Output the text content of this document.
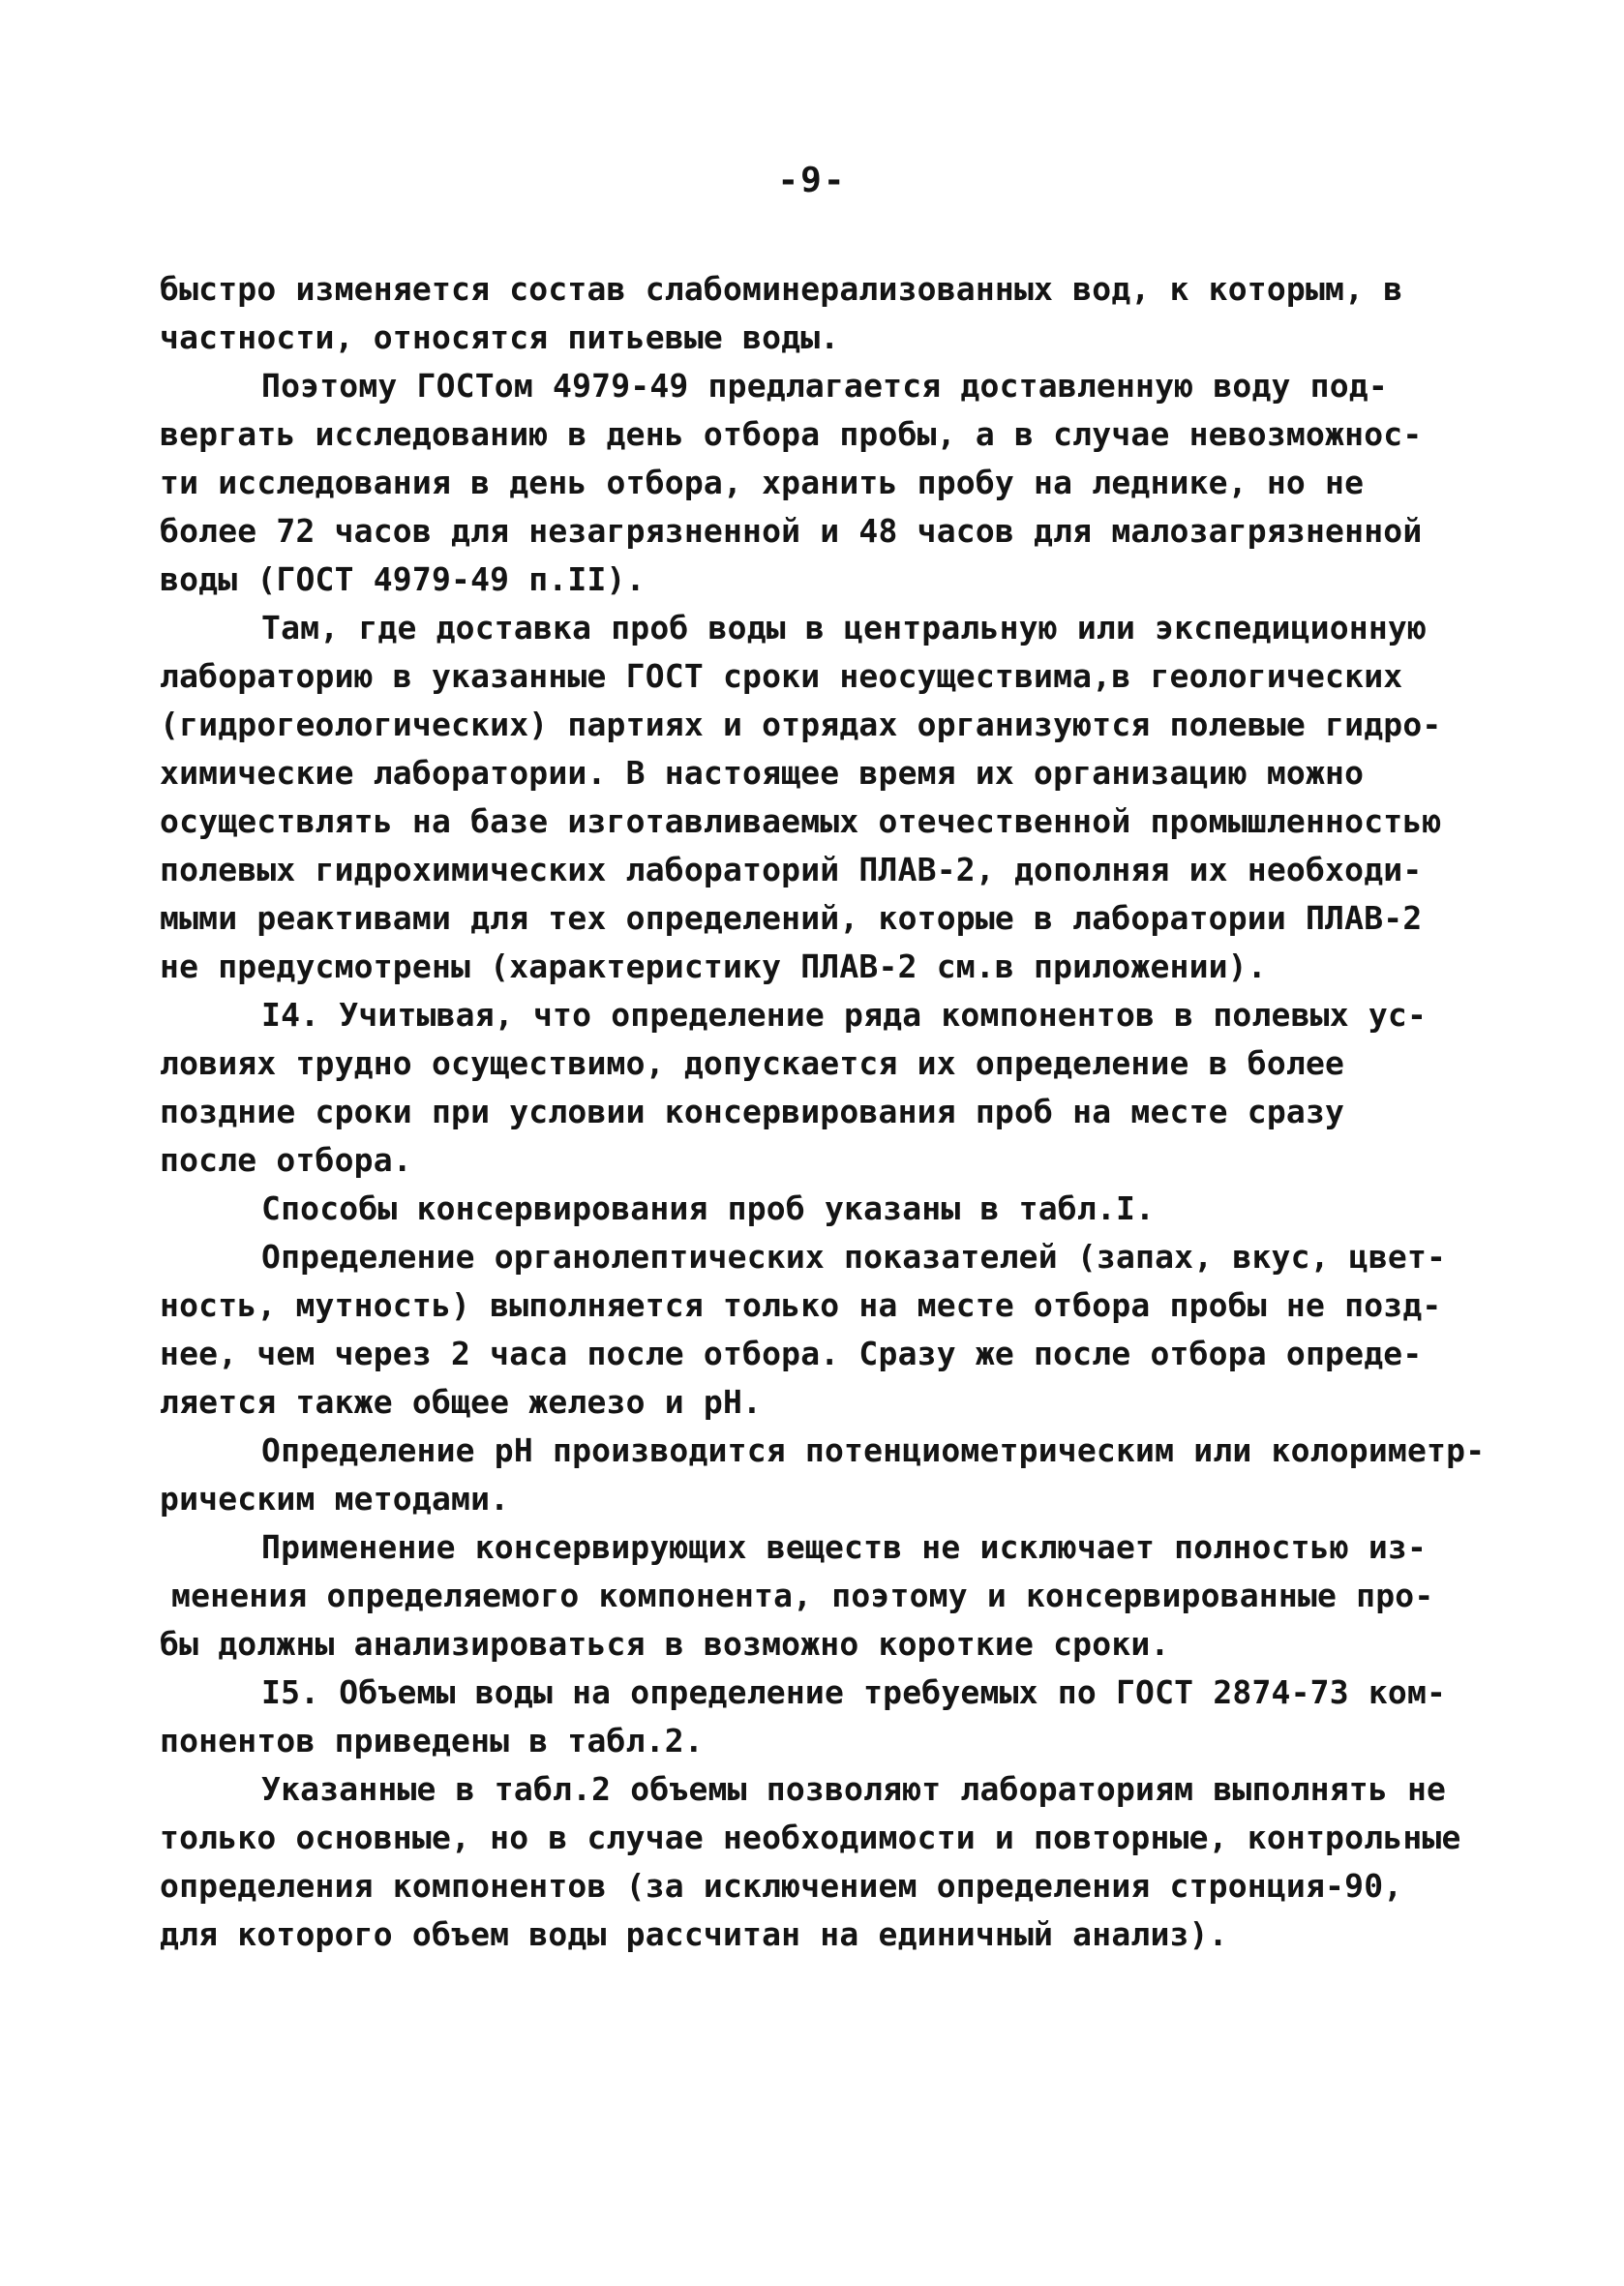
-9-
быстро изменяется состав слабоминерализованных вод, к которым, в
частности, относятся питьевые воды.
Поэтому ГОСТом 4979-49 предлагается доставленную воду под-
вергать исследованию в день отбора пробы, а в случае невозможнос-
ти исследования в день отбора, хранить пробу на леднике, но не
более 72 часов для незагрязненной и 48 часов для малозагрязненной
воды (ГОСТ 4979-49 п.II).
Там, где доставка проб воды в центральную или экспедиционную
лабораторию в указанные ГОСТ сроки неосуществима,в геологических
(гидрогеологических) партиях и отрядах организуются полевые гидро-
химические лаборатории. В настоящее время их организацию можно
осуществлять на базе изготавливаемых отечественной промышленностью
полевых гидрохимических лабораторий ПЛАВ-2, дополняя их необходи-
мыми реактивами для тех определений, которые в лаборатории ПЛАВ-2
не предусмотрены (характеристику ПЛАВ-2 см.в приложении).
I4. Учитывая, что определение ряда компонентов в полевых ус-
ловиях трудно осуществимо, допускается их определение в более
поздние сроки при условии консервирования проб на месте сразу
после отбора.
Способы консервирования проб указаны в табл.I.
Определение органолептических показателей (запах, вкус, цвет-
ность, мутность) выполняется только на месте отбора пробы не позд-
нее, чем через 2 часа после отбора. Сразу же после отбора опреде-
ляется также общее железо и pH.
Определение pH производится потенциометрическим или колориметр-
рическим методами.
Применение консервирующих веществ не исключает полностью из-
менения определяемого компонента, поэтому и консервированные про-
бы должны анализироваться в возможно короткие сроки.
I5. Объемы воды на определение требуемых по ГОСТ 2874-73 ком-
понентов приведены в табл.2.
Указанные в табл.2 объемы позволяют лабораториям выполнять не
только основные, но в случае необходимости и повторные, контрольные
определения компонентов (за исключением определения стронция-90,
для которого объем воды рассчитан на единичный анализ).
